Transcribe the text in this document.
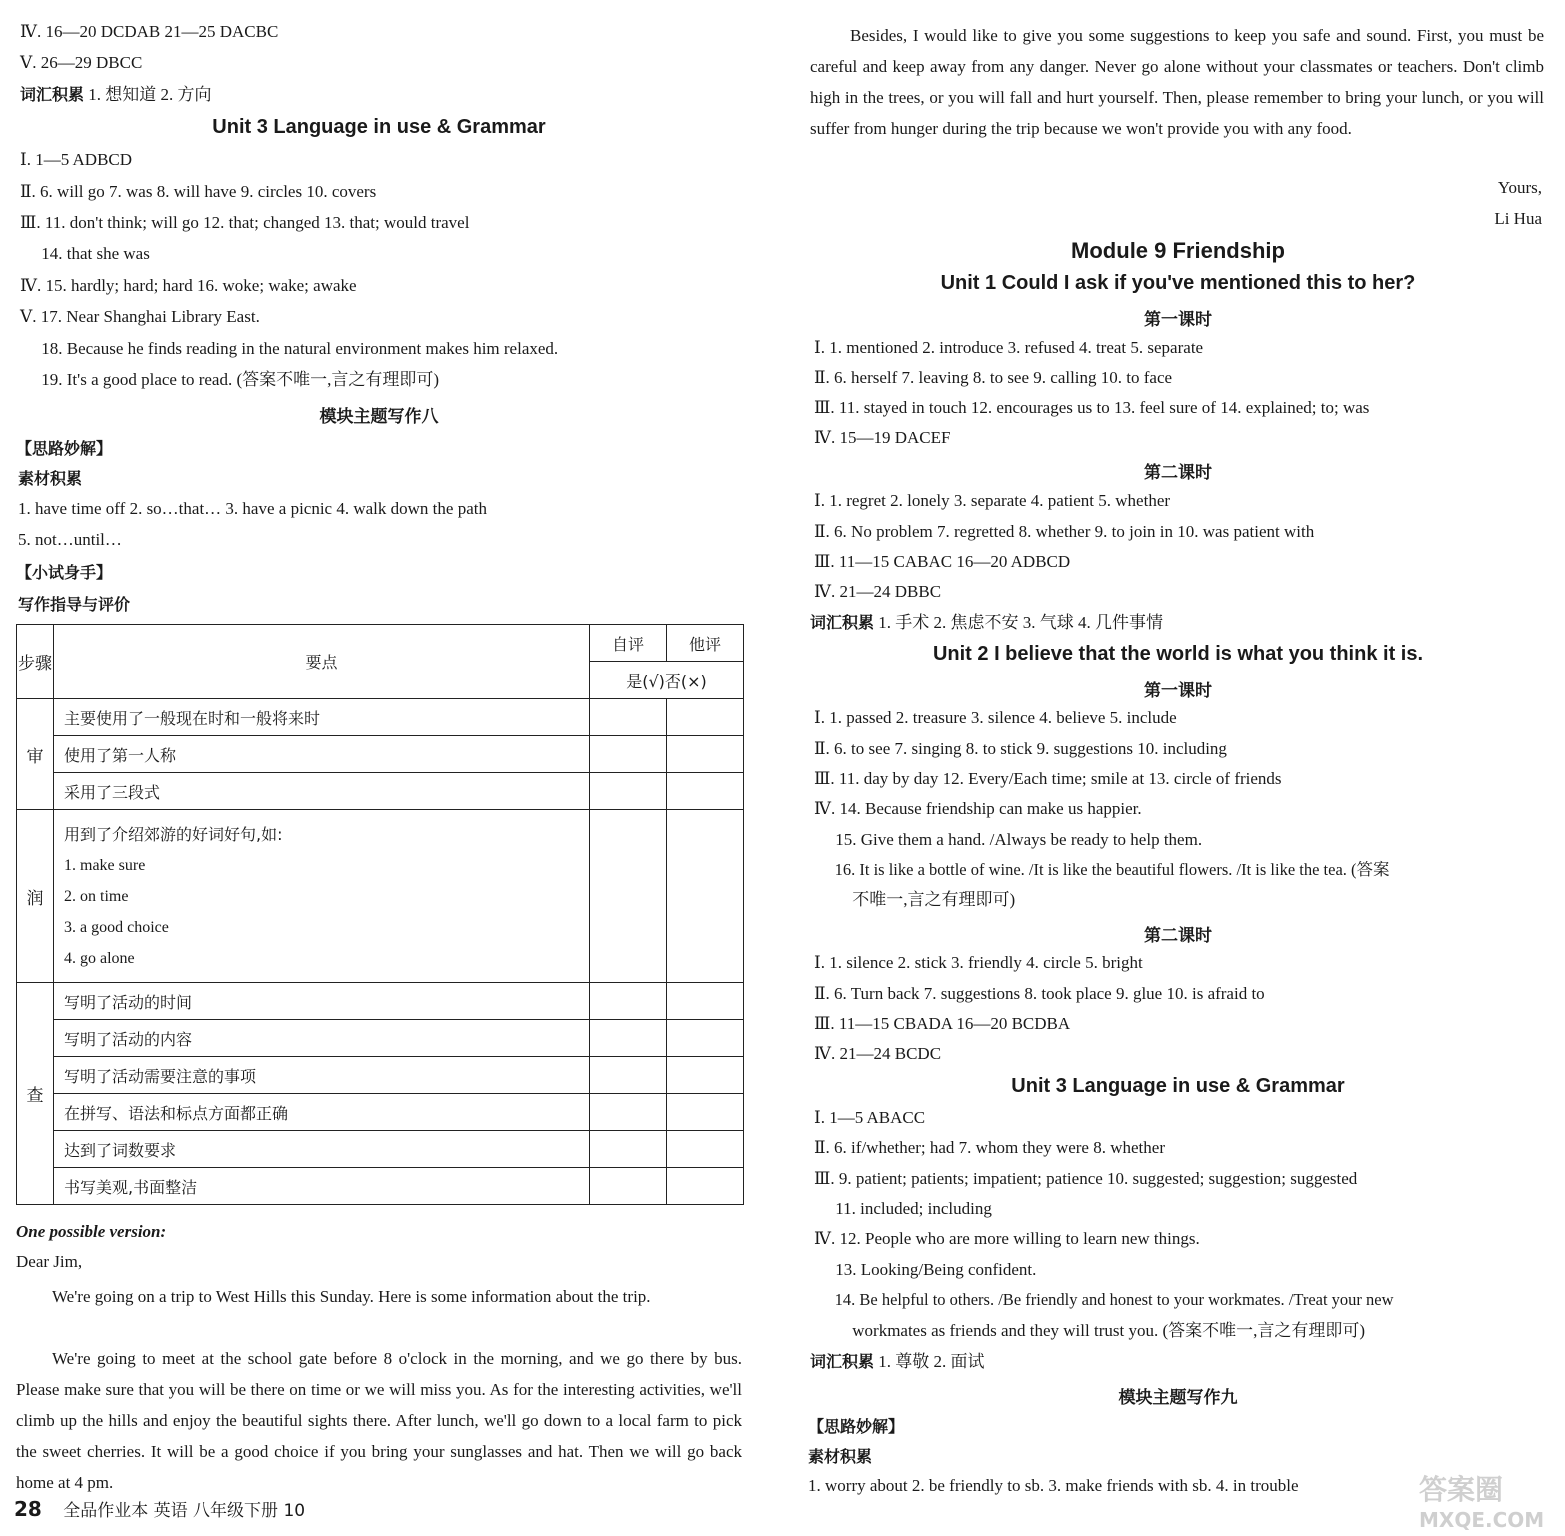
Ⅳ. 16—20 DCDAB 21—25 DACBC
Ⅴ. 26—29 DBCC
词汇积累 1. 想知道 2. 方向
Unit 3 Language in use & Grammar
Ⅰ. 1—5 ADBCD
Ⅱ. 6. will go 7. was 8. will have 9. circles 10. covers
Ⅲ. 11. don't think; will go 12. that; changed 13. that; would travel
14. that she was
Ⅳ. 15. hardly; hard; hard 16. woke; wake; awake
Ⅴ. 17. Near Shanghai Library East.
18. Because he finds reading in the natural environment makes him relaxed.
19. It's a good place to read. (答案不唯一,言之有理即可)
模块主题写作八
【思路妙解】
素材积累
1. have time off 2. so…that… 3. have a picnic 4. walk down the path
5. not…until…
【小试身手】
写作指导与评价
步骤	要点	自评	他评
		是(√)否(×)	
审	主要使用了一般现在时和一般将来时		
	使用了第一人称		
	采用了三段式		
润	用到了介绍郊游的好词好句,如:
1. make sure
2. on time
3. a good choice
4. go alone		

查	写明了活动的时间		
	写明了活动的内容		
	写明了活动需要注意的事项		
	在拼写、语法和标点方面都正确		
	达到了词数要求		
	书写美观,书面整洁		
One possible version:
Dear Jim,
We're going on a trip to West Hills this Sunday. Here is some information about the trip.
We're going to meet at the school gate before 8 o'clock in the morning, and we go there by bus. Please make sure that you will be there on time or we will miss you. As for the interesting activities, we'll climb up the hills and enjoy the beautiful sights there. After lunch, we'll go down to a local farm to pick the sweet cherries. It will be a good choice if you bring your sunglasses and hat. Then we will go back home at 4 pm.
Besides, I would like to give you some suggestions to keep you safe and sound. First, you must be careful and keep away from any danger. Never go alone without your classmates or teachers. Don't climb high in the trees, or you will fall and hurt yourself. Then, please remember to bring your lunch, or you will suffer from hunger during the trip because we won't provide you with any food.
Yours,
Li Hua
Module 9 Friendship
Unit 1 Could I ask if you've mentioned this to her?
第一课时
Ⅰ. 1. mentioned 2. introduce 3. refused 4. treat 5. separate
Ⅱ. 6. herself 7. leaving 8. to see 9. calling 10. to face
Ⅲ. 11. stayed in touch 12. encourages us to 13. feel sure of 14. explained; to; was
Ⅳ. 15—19 DACEF
第二课时
Ⅰ. 1. regret 2. lonely 3. separate 4. patient 5. whether
Ⅱ. 6. No problem 7. regretted 8. whether 9. to join in 10. was patient with
Ⅲ. 11—15 CABAC 16—20 ADBCD
Ⅳ. 21—24 DBBC
词汇积累 1. 手术 2. 焦虑不安 3. 气球 4. 几件事情
Unit 2 I believe that the world is what you think it is.
第一课时
Ⅰ. 1. passed 2. treasure 3. silence 4. believe 5. include
Ⅱ. 6. to see 7. singing 8. to stick 9. suggestions 10. including
Ⅲ. 11. day by day 12. Every/Each time; smile at 13. circle of friends
Ⅳ. 14. Because friendship can make us happier.
15. Give them a hand. /Always be ready to help them.
16. It is like a bottle of wine. /It is like the beautiful flowers. /It is like the tea. (答案
不唯一,言之有理即可)
第二课时
Ⅰ. 1. silence 2. stick 3. friendly 4. circle 5. bright
Ⅱ. 6. Turn back 7. suggestions 8. took place 9. glue 10. is afraid to
Ⅲ. 11—15 CBADA 16—20 BCDBA
Ⅳ. 21—24 BCDC
Unit 3 Language in use & Grammar
Ⅰ. 1—5 ABACC
Ⅱ. 6. if/whether; had 7. whom they were 8. whether
Ⅲ. 9. patient; patients; impatient; patience 10. suggested; suggestion; suggested
11. included; including
Ⅳ. 12. People who are more willing to learn new things.
13. Looking/Being confident.
14. Be helpful to others. /Be friendly and honest to your workmates. /Treat your new
workmates as friends and they will trust you. (答案不唯一,言之有理即可)
词汇积累 1. 尊敬 2. 面试
模块主题写作九
【思路妙解】
素材积累
1. worry about 2. be friendly to sb. 3. make friends with sb. 4. in trouble
28 全品作业本 英语 八年级下册 10
答案圈
MXQE.COM
